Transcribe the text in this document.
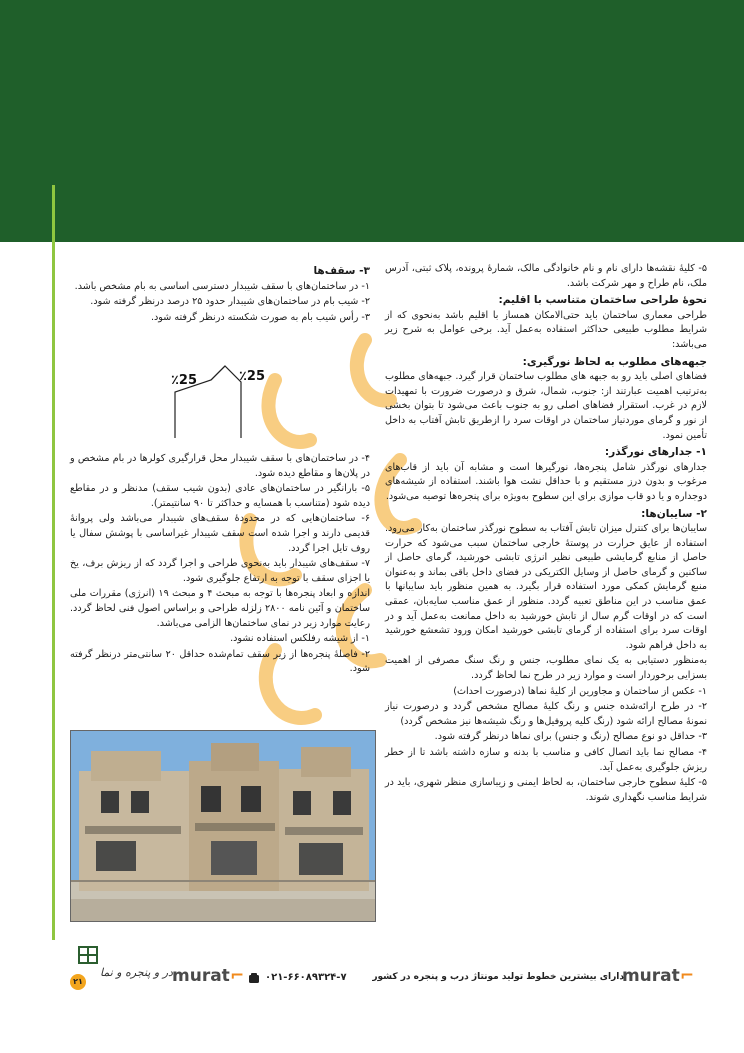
۵- کلیهٔ نقشه‌ها دارای نام و نام خانوادگی مالک، شمارهٔ پرونده، پلاک ثبتی، آدرس ملک، نام طراح و مهر شرکت باشد.

نحوهٔ طراحی ساختمان متناسب با اقلیم:

طراحی معماری ساختمان باید حتی‌الامکان همساز با اقلیم باشد به‌نحوی که از شرایط مطلوب طبیعی حداکثر استفاده به‌عمل آید. برخی عوامل به شرح زیر می‌باشد:

جبهه‌های مطلوب به لحاظ نورگیری:

فضاهای اصلی باید رو به جبهه های مطلوب ساختمان قرار گیرد. جبهه‌های مطلوب به‌ترتیب اهمیت عبارتند از: جنوب، شمال، شرق و درصورت ضرورت با تمهیدات لازم در غرب. استقرار فضاهای اصلی رو به جنوب باعث می‌شود تا بتوان بخشی از نور و گرمای موردنیاز ساختمان در اوقات سرد را ازطریق تابش آفتاب به داخل تأمین نمود.

۱- جدارهای نورگذر:

جدارهای نورگذر شامل پنجره‌ها، نورگیرها است و مشابه آن باید از قاب‌های مرغوب و بدون درز مستقیم و با حداقل نشت هوا باشند. استفاده از شیشه‌های دوجداره و یا دو قاب موازی برای این سطوح به‌ویژه برای پنجره‌ها توصیه می‌شود.

۲- سایبان‌ها:

سایبان‌ها برای کنترل میزان تابش آفتاب به سطوح نورگذر ساختمان به‌کار می‌رود. استفاده از عایق حرارت در پوستهٔ خارجی ساختمان سبب می‌شود که حرارت حاصل از منابع گرمایشی طبیعی نظیر انرژی تابشی خورشید، گرمای حاصل از ساکنین و گرمای حاصل از وسایل الکتریکی در فضای داخل باقی بماند و به‌عنوان منبع گرمایش کمکی مورد استفاده قرار بگیرد. به همین منظور باید سایبانها با عمق مناسب در این مناطق تعبیه گردد. منظور از عمق مناسب سایه‌بان، عمقی است که در اوقات گرم سال از تابش خورشید به داخل ممانعت به‌عمل آید و در اوقات سرد برای استفاده از گرمای تابشی خورشید امکان ورود تشعشع خورشید به داخل فراهم شود.

به‌منظور دستیابی به یک نمای مطلوب، جنس و رنگ سنگ مصرفی از اهمیت بسزایی برخوردار است و موارد زیر در طرح نما لحاظ گردد.

۱- عکس از ساختمان و مجاورین از کلیهٔ نماها (درصورت احداث)

۲- در طرح ارائه‌شده جنس و رنگ کلیهٔ مصالح مشخص گردد و درصورت نیاز نمونهٔ مصالح ارائه شود (رنگ کلیه پروفیل‌ها و رنگ شیشه‌ها نیز مشخص گردد)

۳- حداقل دو نوع مصالح (رنگ و جنس) برای نماها درنظر گرفته شود.

۴- مصالح نما باید اتصال کافی و مناسب با بدنه و سازه داشته باشد تا از خطر ریزش جلوگیری به‌عمل آید.

۵- کلیهٔ سطوح خارجی ساختمان، به لحاظ ایمنی و زیباسازی منظر شهری، باید در شرایط مناسب نگهداری شوند.

۳- سقف‌ها

۱- در ساختمان‌های با سقف شیبدار دسترسی اساسی به بام مشخص باشد.

۲- شیب بام در ساختمان‌های شیبدار حدود ۲۵ درصد درنظر گرفته شود.

۳- رأس شیب بام به صورت شکسته درنظر گرفته شود.

٪25	٪25

۴- در ساختمان‌های با سقف شیبدار محل قرارگیری کولرها در بام مشخص و در پلان‌ها و مقاطع دیده شود.

۵- بارانگیر در ساختمان‌های عادی (بدون شیب سقف) مدنظر و در مقاطع دیده شود (متناسب با همسایه و حداکثر تا ۹۰ سانتیمتر).

۶- ساختمان‌هایی که در محدودهٔ سقف‌های شیبدار می‌باشد ولی پروانهٔ قدیمی دارند و اجرا شده است سقف شیبدار غیراساسی با پوشش سفال یا روف تایل اجرا گردد.

۷- سقف‌های شیبدار باید به‌نحوی طراحی و اجرا گردد که از ریزش برف، یخ یا اجزای سقف با توجه به ارتفاع جلوگیری شود.

اندازه و ابعاد پنجره‌ها با توجه به مبحث ۴ و مبحث ۱۹ (انرژی) مقررات ملی ساختمان و آئین نامه ۲۸۰۰ زلزله طراحی و براساس اصول فنی لحاظ گردد. رعایت موارد زیر در نمای ساختمان‌ها الزامی می‌باشد.

۱- از شیشه رفلکس استفاده نشود.

۲- فاصلهٔ پنجره‌ها از زیر سقف تمام‌شده حداقل ۲۰ سانتی‌متر درنظر گرفته شود.

۲۱
در و پنجره و نما murat⌐ ۰۲۱-۶۶۰۸۹۳۲۴-۷	دارای بیشترین خطوط تولید مونتاژ درب و پنجره در کشور
murat⌐
